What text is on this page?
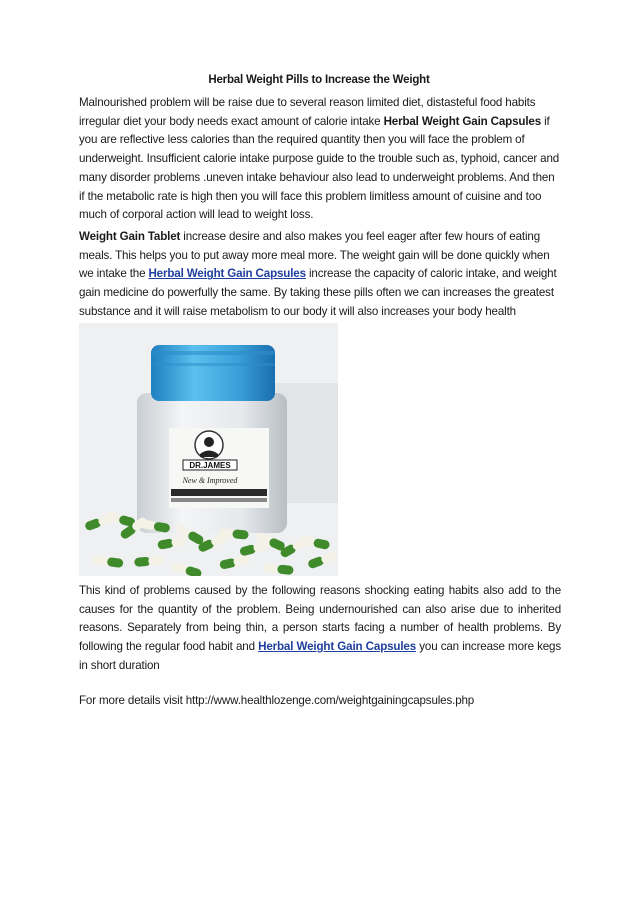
Herbal Weight Pills to Increase the Weight

Malnourished problem will be raise due to several reason limited diet, distasteful food habits irregular diet your body needs exact amount of calorie intake Herbal Weight Gain Capsules if you are reflective less calories than the required quantity then you will face the problem of underweight. Insufficient calorie intake purpose guide to the trouble such as, typhoid, cancer and many disorder problems .uneven intake behaviour also lead to underweight problems. And then if the metabolic rate is high then you will face this problem limitless amount of cuisine and too much of corporal action will lead to weight loss.

Weight Gain Tablet increase desire and also makes you feel eager after few hours of eating meals. This helps you to put away more meal more. The weight gain will be done quickly when we intake the Herbal Weight Gain Capsules increase the capacity of caloric intake, and weight gain medicine do powerfully the same. By taking these pills often we can increases the greatest substance and it will raise metabolism to our body it will also increases your body health

DR.JAMES
New & Improved

This kind of problems caused by the following reasons shocking eating habits also add to the causes for the quantity of the problem. Being undernourished can also arise due to inherited reasons. Separately from being thin, a person starts facing a number of health problems. By following the regular food habit and Herbal Weight Gain Capsules you can increase more kegs in short duration

For more details visit http://www.healthlozenge.com/weightgainingcapsules.php
